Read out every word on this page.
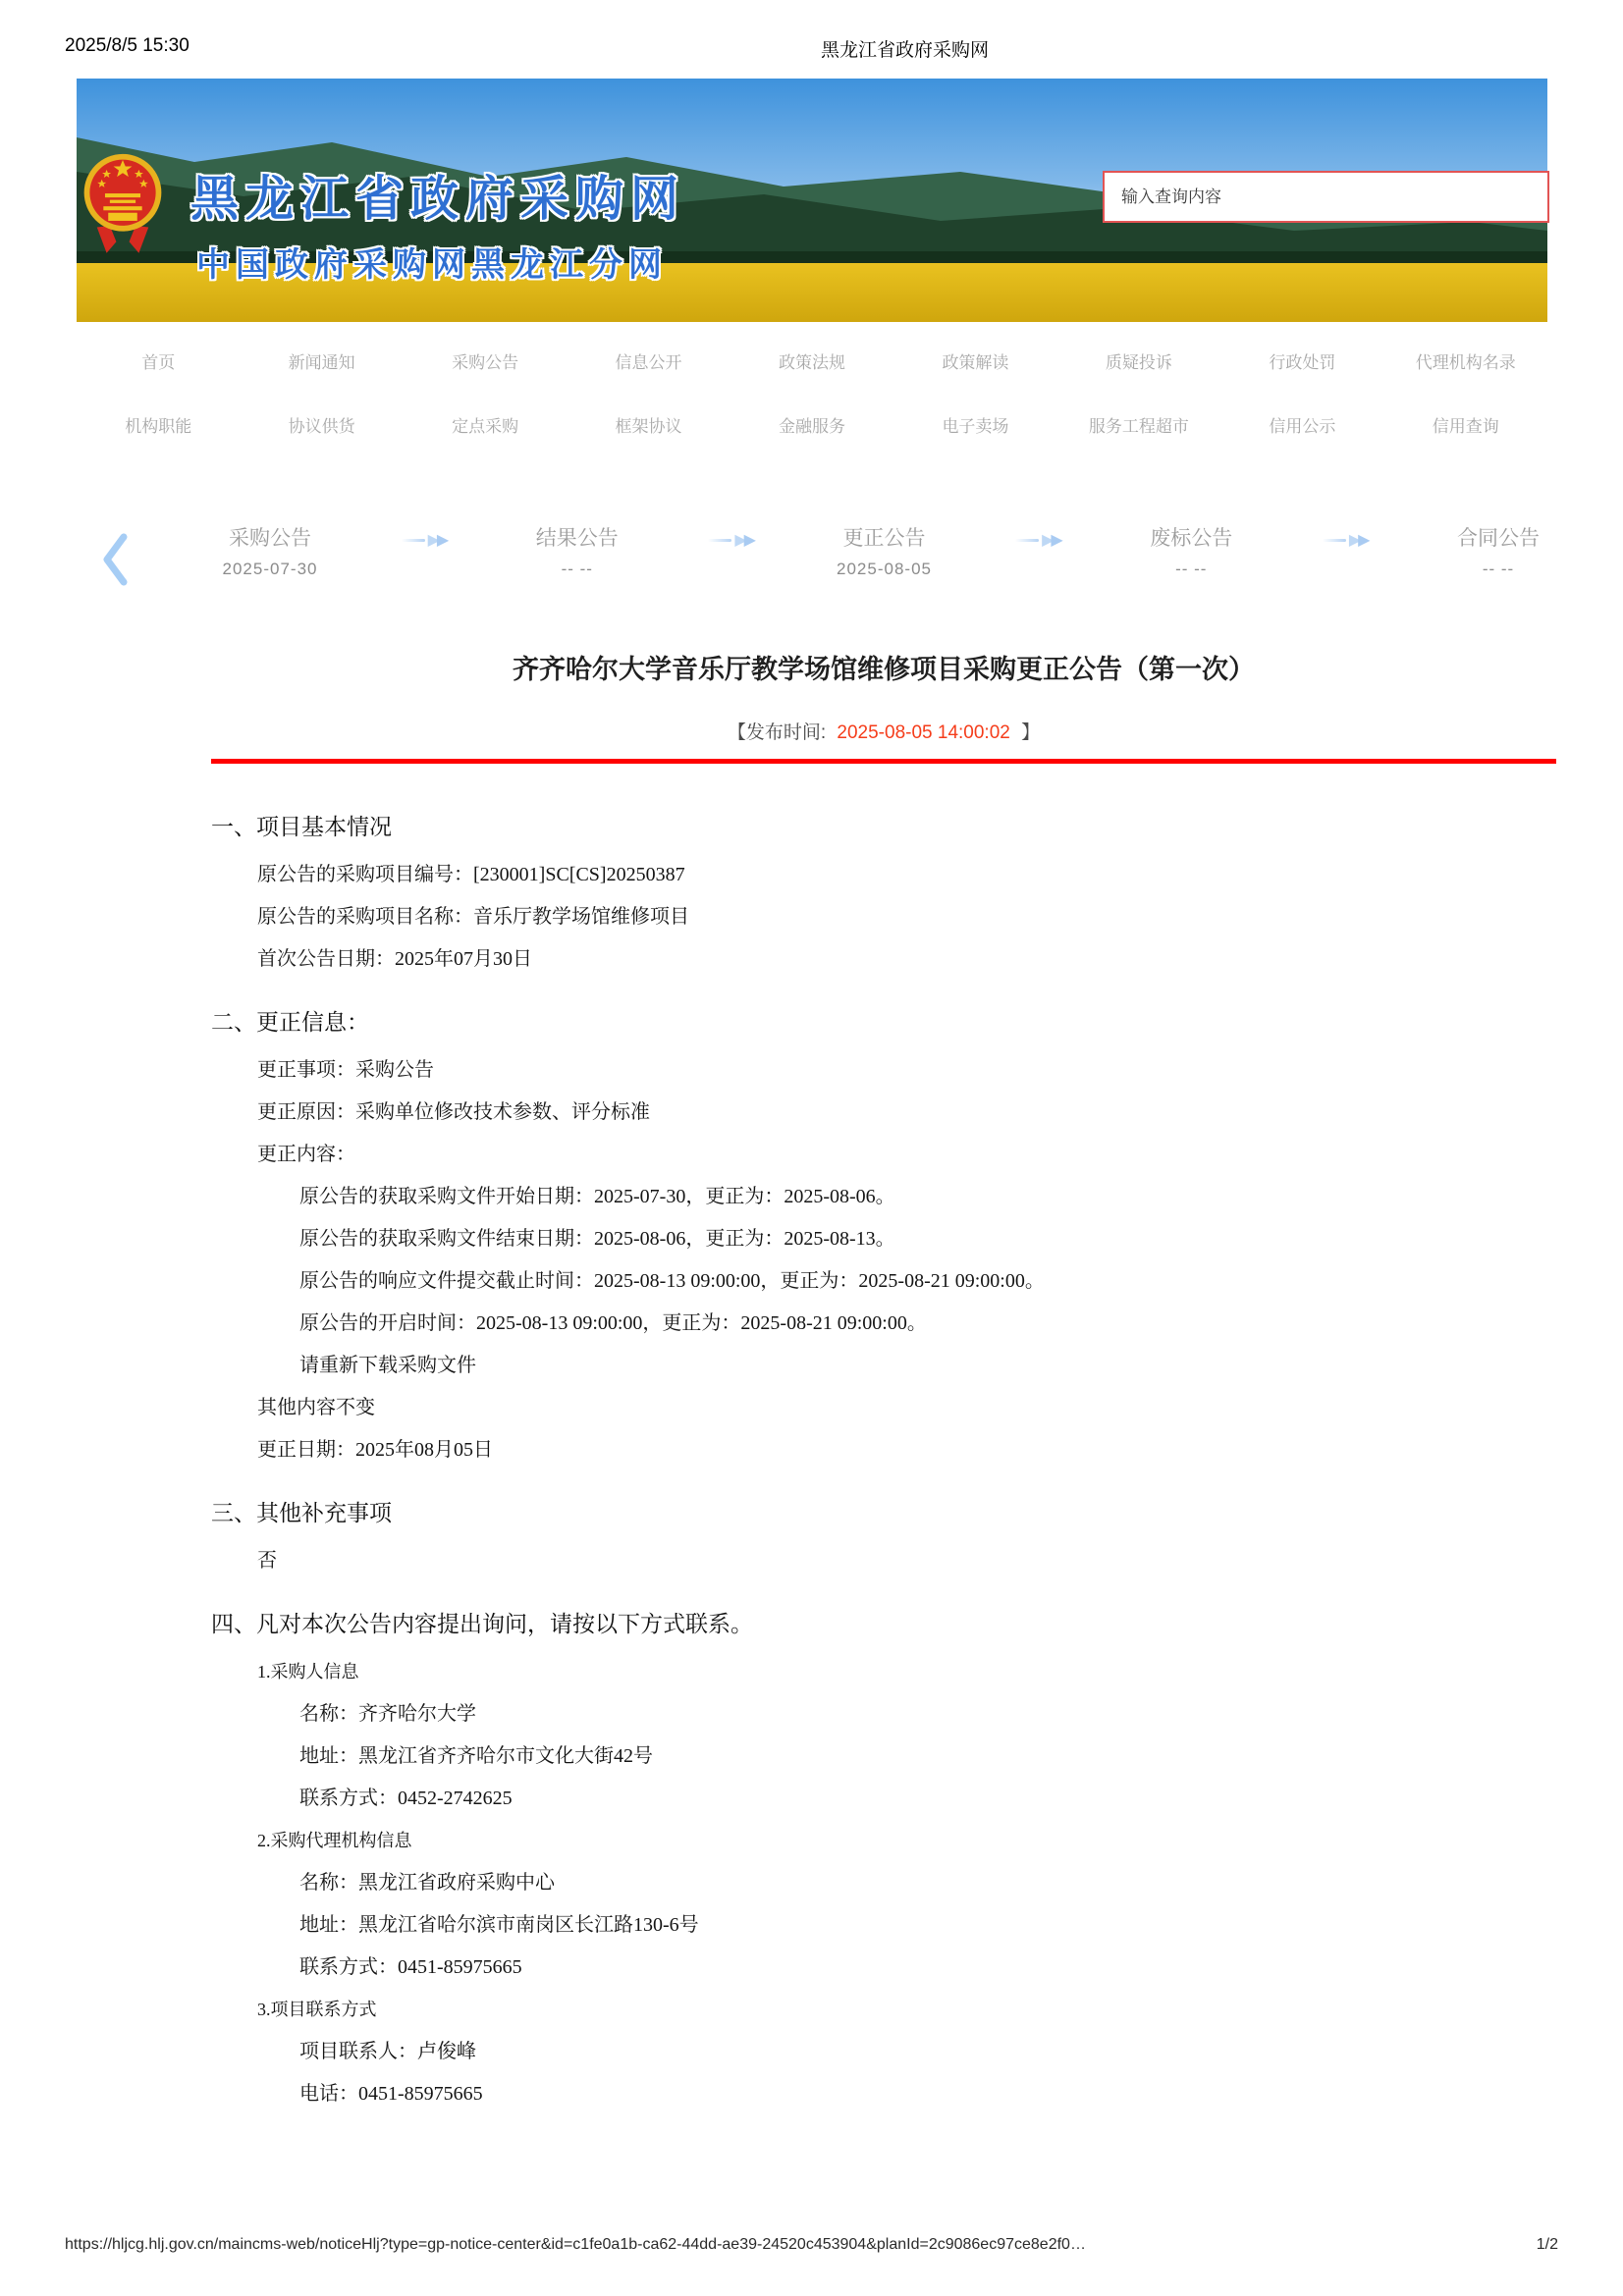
2025/8/5 15:30	黑龙江省政府采购网
黑龙江省政府采购网
中国政府采购网黑龙江分网
输入查询内容
首页	新闻通知	采购公告	信息公开	政策法规	政策解读	质疑投诉	行政处罚	代理机构名录
机构职能	协议供货	定点采购	框架协议	金融服务	电子卖场	服务工程超市	信用公示	信用查询
采购公告
2025-07-30
▶ ▶	结果公告
-- --
▶ ▶	更正公告
2025-08-05
▶ ▶	废标公告
-- --
▶ ▶	合同公告
-- --
齐齐哈尔大学音乐厅教学场馆维修项目采购更正公告（第一次）
【发布时间: 2025-08-05 14:00:02 】
一、项目基本情况
原公告的采购项目编号：[230001]SC[CS]20250387
原公告的采购项目名称：音乐厅教学场馆维修项目
首次公告日期：2025年07月30日
二、更正信息：
更正事项：采购公告
更正原因：采购单位修改技术参数、评分标准
更正内容：
原公告的获取采购文件开始日期：2025-07-30，更正为：2025-08-06。
原公告的获取采购文件结束日期：2025-08-06，更正为：2025-08-13。
原公告的响应文件提交截止时间：2025-08-13 09:00:00，更正为：2025-08-21 09:00:00。
原公告的开启时间：2025-08-13 09:00:00，更正为：2025-08-21 09:00:00。
请重新下载采购文件
其他内容不变
更正日期：2025年08月05日
三、其他补充事项
否
四、凡对本次公告内容提出询问，请按以下方式联系。
1.采购人信息
名称：齐齐哈尔大学
地址：黑龙江省齐齐哈尔市文化大街42号
联系方式：0452-2742625
2.采购代理机构信息
名称：黑龙江省政府采购中心
地址：黑龙江省哈尔滨市南岗区长江路130-6号
联系方式：0451-85975665
3.项目联系方式
项目联系人：卢俊峰
电话：0451-85975665
https://hljcg.hlj.gov.cn/maincms-web/noticeHlj?type=gp-notice-center&id=c1fe0a1b-ca62-44dd-ae39-24520c453904&planId=2c9086ec97ce8e2f0…	1/2
